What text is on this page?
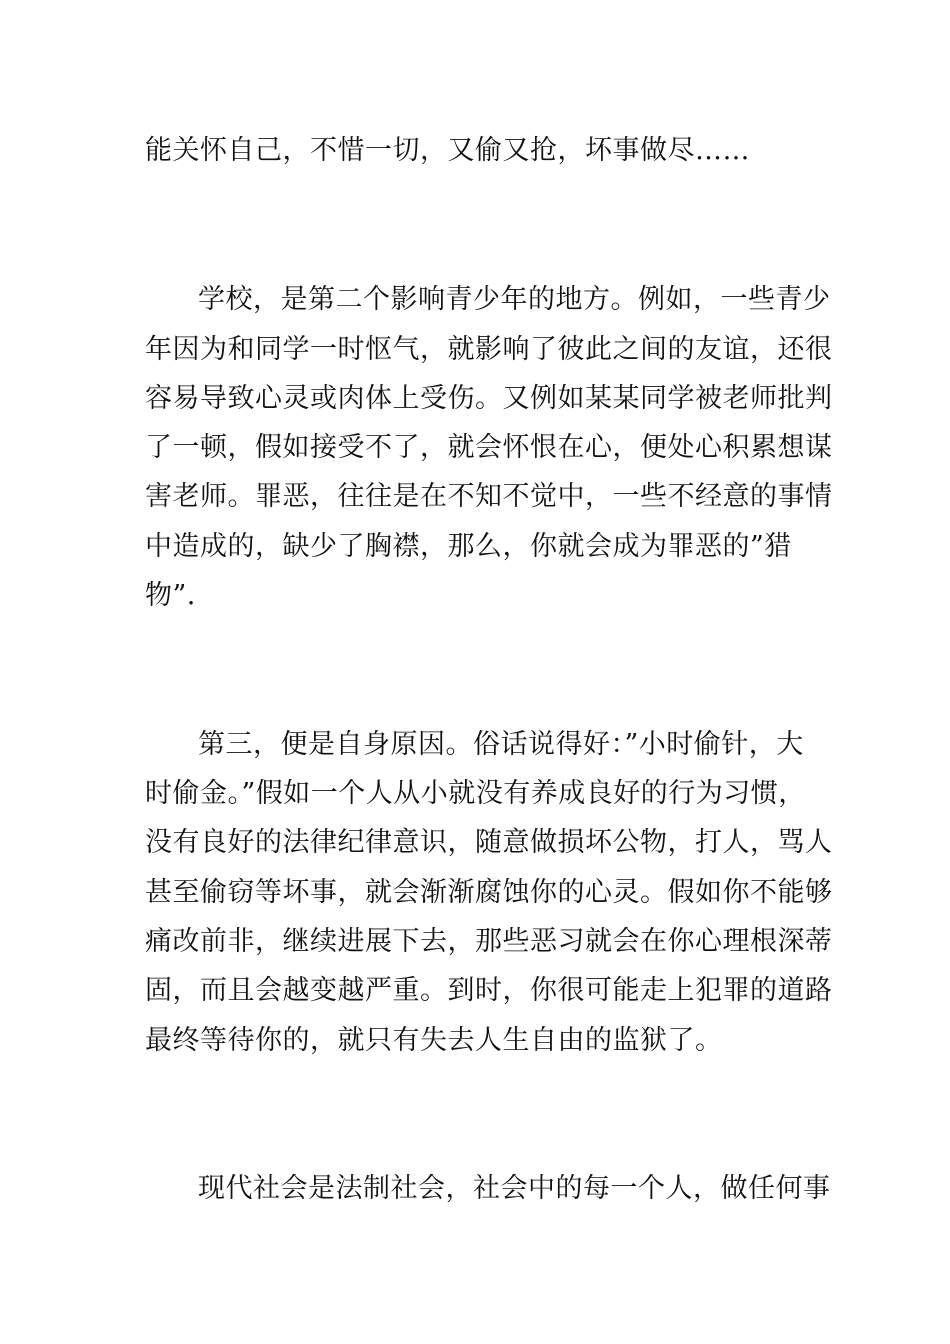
能关怀自己，不惜一切，又偷又抢，坏事做尽……
学校，是第二个影响青少年的地方。例如，一些青少
年因为和同学一时怄气，就影响了彼此之间的友谊，还很
容易导致心灵或肉体上受伤。又例如某某同学被老师批判
了一顿，假如接受不了，就会怀恨在心，便处心积累想谋
害老师。罪恶，往往是在不知不觉中，一些不经意的事情
中造成的，缺少了胸襟，那么，你就会成为罪恶的”猎
物”.
第三，便是自身原因。俗话说得好：”小时偷针，大
时偷金。”假如一个人从小就没有养成良好的行为习惯，
没有良好的法律纪律意识，随意做损坏公物，打人，骂人
甚至偷窃等坏事，就会渐渐腐蚀你的心灵。假如你不能够
痛改前非，继续进展下去，那些恶习就会在你心理根深蒂
固，而且会越变越严重。到时，你很可能走上犯罪的道路
最终等待你的，就只有失去人生自由的监狱了。
现代社会是法制社会，社会中的每一个人，做任何事
